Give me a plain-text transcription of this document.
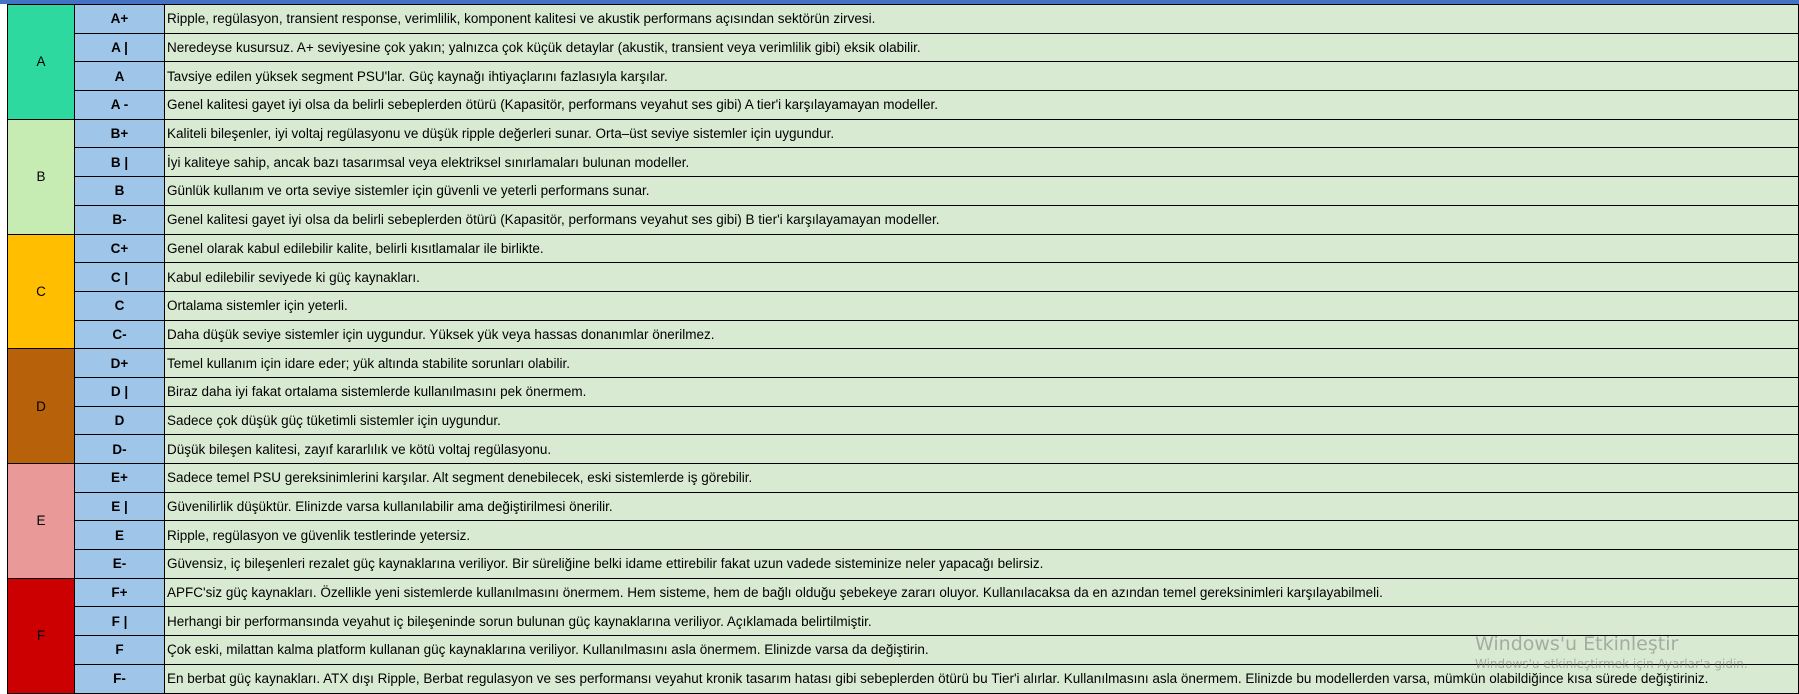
A	A+	Ripple, regülasyon, transient response, verimlilik, komponent kalitesi ve akustik performans açısından sektörün zirvesi.
	A |	Neredeyse kusursuz. A+ seviyesine çok yakın; yalnızca çok küçük detaylar (akustik, transient veya verimlilik gibi) eksik olabilir.
	A	Tavsiye edilen yüksek segment PSU'lar. Güç kaynağı ihtiyaçlarını fazlasıyla karşılar.
	A -	Genel kalitesi gayet iyi olsa da belirli sebeplerden ötürü (Kapasitör, performans veyahut ses gibi) A tier'i karşılayamayan modeller.
B	B+	Kaliteli bileşenler, iyi voltaj regülasyonu ve düşük ripple değerleri sunar. Orta–üst seviye sistemler için uygundur.
	B |	İyi kaliteye sahip, ancak bazı tasarımsal veya elektriksel sınırlamaları bulunan modeller.
	B	Günlük kullanım ve orta seviye sistemler için güvenli ve yeterli performans sunar.
	B-	Genel kalitesi gayet iyi olsa da belirli sebeplerden ötürü (Kapasitör, performans veyahut ses gibi) B tier'i karşılayamayan modeller.
C	C+	Genel olarak kabul edilebilir kalite, belirli kısıtlamalar ile birlikte.
	C |	Kabul edilebilir seviyede ki güç kaynakları.
	C	Ortalama sistemler için yeterli.
	C-	Daha düşük seviye sistemler için uygundur. Yüksek yük veya hassas donanımlar önerilmez.
D	D+	Temel kullanım için idare eder; yük altında stabilite sorunları olabilir.
	D |	Biraz daha iyi fakat ortalama sistemlerde kullanılmasını pek önermem.
	D	Sadece çok düşük güç tüketimli sistemler için uygundur.
	D-	Düşük bileşen kalitesi, zayıf kararlılık ve kötü voltaj regülasyonu.
E	E+	Sadece temel PSU gereksinimlerini karşılar. Alt segment denebilecek, eski sistemlerde iş görebilir.
	E |	Güvenilirlik düşüktür. Elinizde varsa kullanılabilir ama değiştirilmesi önerilir.
	E	Ripple, regülasyon ve güvenlik testlerinde yetersiz.
	E-	Güvensiz, iç bileşenleri rezalet güç kaynaklarına veriliyor. Bir süreliğine belki idame ettirebilir fakat uzun vadede sisteminize neler yapacağı belirsiz.
F	F+	APFC'siz güç kaynakları. Özellikle yeni sistemlerde kullanılmasını önermem. Hem sisteme, hem de bağlı olduğu şebekeye zararı oluyor. Kullanılacaksa da en azından temel gereksinimleri karşılayabilmeli.
	F |	Herhangi bir performansında veyahut iç bileşeninde sorun bulunan güç kaynaklarına veriliyor. Açıklamada belirtilmiştir.
	F	Çok eski, milattan kalma platform kullanan güç kaynaklarına veriliyor. Kullanılmasını asla önermem. Elinizde varsa da değiştirin.
	F-	En berbat güç kaynakları. ATX dışı Ripple, Berbat regulasyon ve ses performansı veyahut kronik tasarım hatası gibi sebeplerden ötürü bu Tier'i alırlar. Kullanılmasını asla önermem. Elinizde bu modellerden varsa, mümkün olabildiğince kısa sürede değiştiriniz.
Windows'u Etkinleştir
Windows'u etkinleştirmek için Ayarlar'a gidin.
